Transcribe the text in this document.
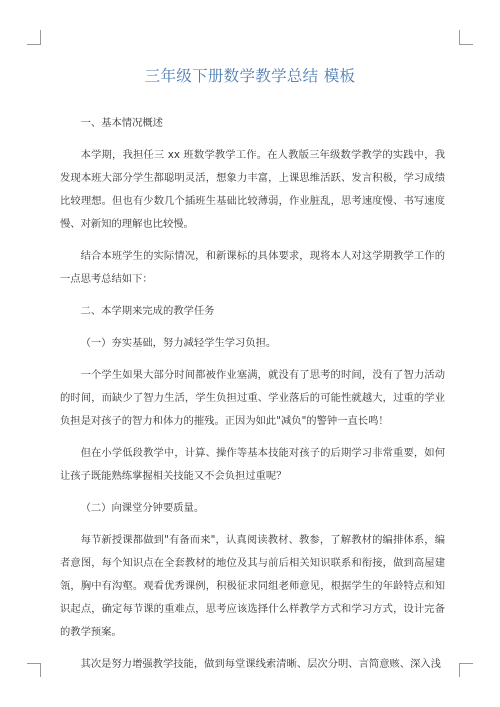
三年级下册数学教学总结 模板

一、基本情况概述

本学期，我担任三 xx 班数学教学工作。在人教版三年级数学教学的实践中，我发现本班大部分学生都聪明灵活，想象力丰富，上课思维活跃、发言积极，学习成绩比较理想。但也有少数几个插班生基础比较薄弱，作业脏乱，思考速度慢、书写速度慢、对新知的理解也比较慢。

结合本班学生的实际情况，和新课标的具体要求，现将本人对这学期教学工作的一点思考总结如下：

二、本学期来完成的教学任务

（一）夯实基础，努力减轻学生学习负担。

一个学生如果大部分时间都被作业塞满，就没有了思考的时间，没有了智力活动的时间，而缺少了智力生活，学生负担过重、学业落后的可能性就越大，过重的学业负担是对孩子的智力和体力的摧残。正因为如此"减负"的警钟一直长鸣！

但在小学低段教学中，计算、操作等基本技能对孩子的后期学习非常重要，如何让孩子既能熟练掌握相关技能又不会负担过重呢？

（二）向课堂分钟要质量。

每节新授课都做到"有备而来"，认真阅读教材、教参，了解教材的编排体系，编者意图，每个知识点在全套教材的地位及其与前后相关知识联系和衔接，做到高屋建瓴，胸中有沟壑。观看优秀课例，积极征求同组老师意见，根据学生的年龄特点和知识起点，确定每节课的重难点，思考应该选择什么样教学方式和学习方式，设计完备的教学预案。

其次是努力增强教学技能，做到每堂课线索清晰、层次分明、言简意赅、深入浅
